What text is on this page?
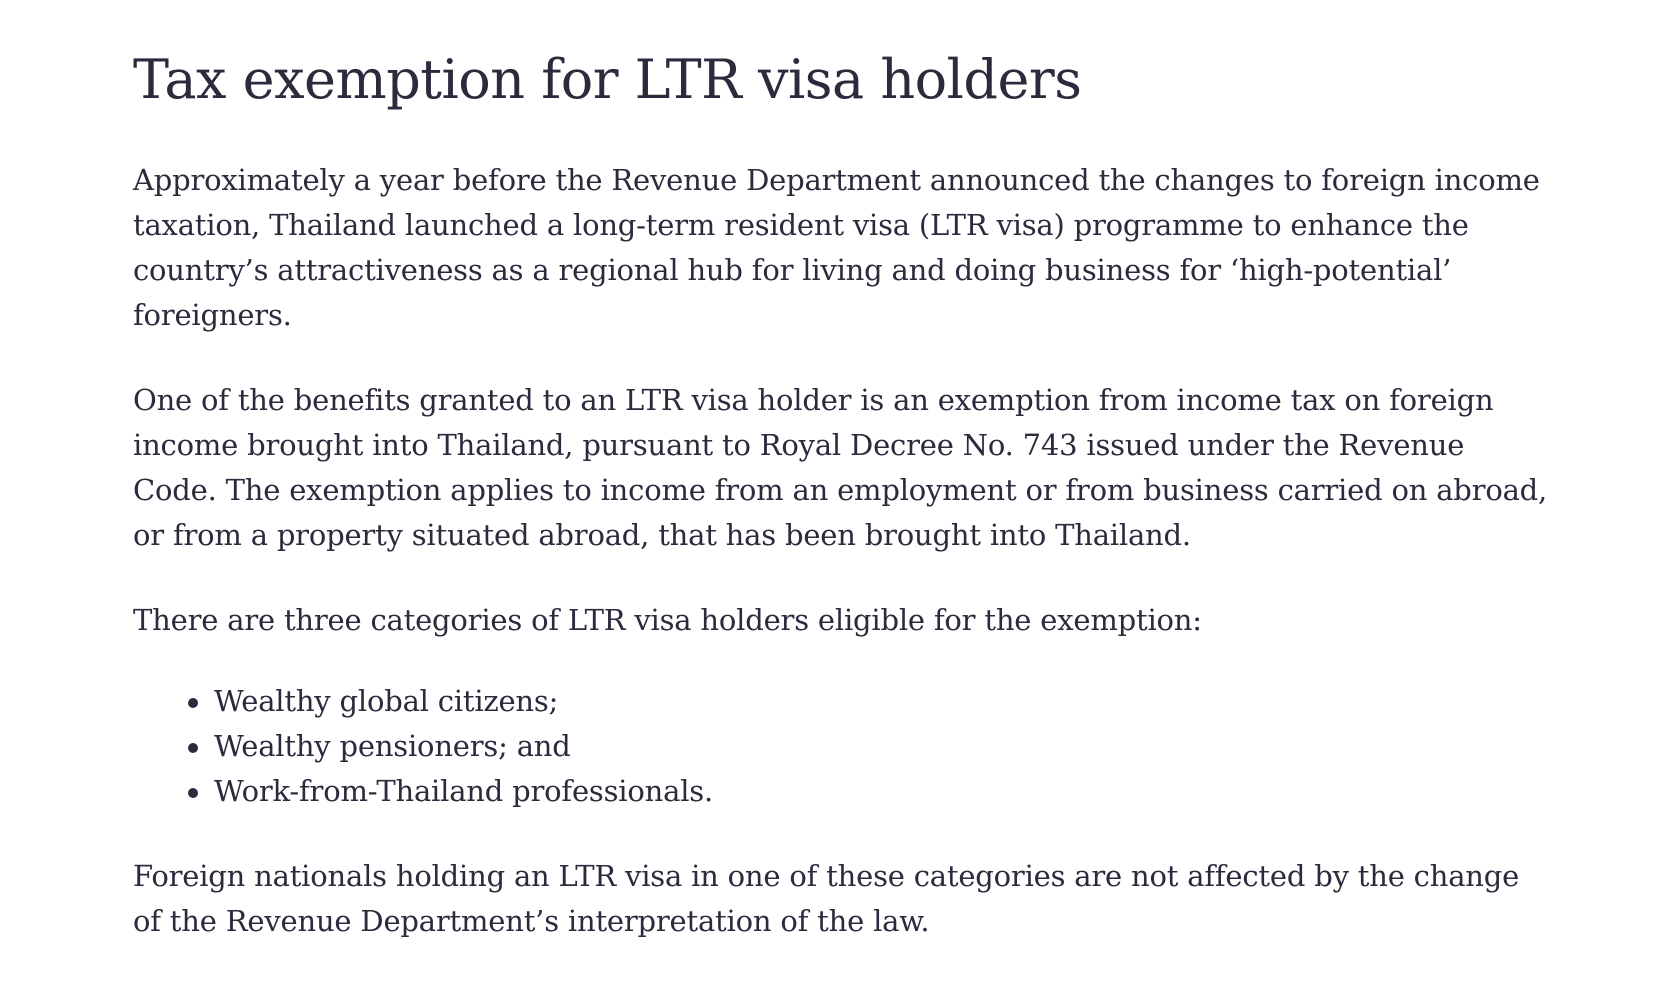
Tax exemption for LTR visa holders

Approximately a year before the Revenue Department announced the changes to foreign income taxation, Thailand launched a long-term resident visa (LTR visa) programme to enhance the country’s attractiveness as a regional hub for living and doing business for ‘high-potential’ foreigners.

One of the benefits granted to an LTR visa holder is an exemption from income tax on foreign income brought into Thailand, pursuant to Royal Decree No. 743 issued under the Revenue Code. The exemption applies to income from an employment or from business carried on abroad, or from a property situated abroad, that has been brought into Thailand.

There are three categories of LTR visa holders eligible for the exemption:

Wealthy global citizens;
Wealthy pensioners; and
Work-from-Thailand professionals.

Foreign nationals holding an LTR visa in one of these categories are not affected by the change of the Revenue Department’s interpretation of the law.
